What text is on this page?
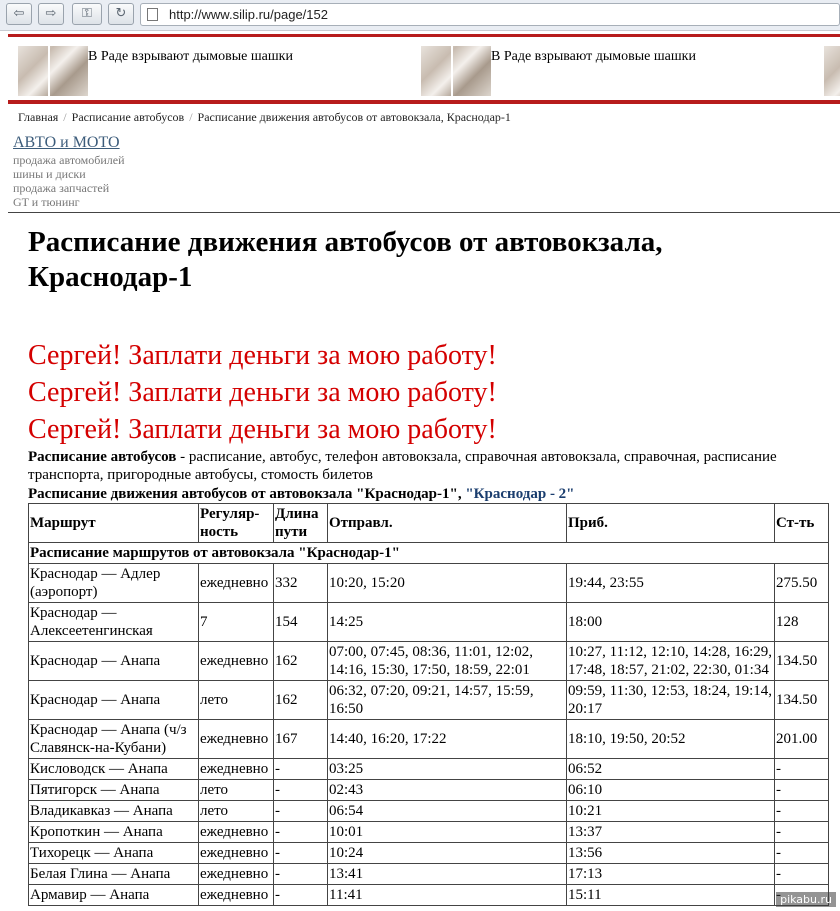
⇦	⇨	⚿	↻	http://www.silip.ru/page/152
В Раде взрывают дымовые шашки	В Раде взрывают дымовые шашки
Главная / Расписание автобусов / Расписание движения автобусов от автовокзала, Краснодар-1
АВТО и МОТО
продажа автомобилей
шины и диски
продажа запчастей
GT и тюнинг
Расписание движения автобусов от автовокзала, Краснодар-1
Сергей! Заплати деньги за мою работу!
Сергей! Заплати деньги за мою работу!
Сергей! Заплати деньги за мою работу!
Расписание автобусов - расписание, автобус, телефон автовокзала, справочная автовокзала, справочная, расписание транспорта, пригородные автобусы, стомость билетов
Расписание движения автобусов от автовокзала "Краснодар-1", "Краснодар - 2"
Маршрут	Регуляр-ность	Длина пути	Отправл.	Приб.	Ст-ть
Расписание маршрутов от автовокзала "Краснодар-1"					
Краснодар — Адлер (аэропорт)	ежедневно	332	10:20, 15:20	19:44, 23:55	275.50
Краснодар — Алексеетенгинская	7	154	14:25	18:00	128
Краснодар — Анапа	ежедневно	162	07:00, 07:45, 08:36, 11:01, 12:02, 14:16, 15:30, 17:50, 18:59, 22:01	10:27, 11:12, 12:10, 14:28, 16:29, 17:48, 18:57, 21:02, 22:30, 01:34	134.50
Краснодар — Анапа	лето	162	06:32, 07:20, 09:21, 14:57, 15:59, 16:50	09:59, 11:30, 12:53, 18:24, 19:14, 20:17	134.50
Краснодар — Анапа (ч/з Славянск-на-Кубани)	ежедневно	167	14:40, 16:20, 17:22	18:10, 19:50, 20:52	201.00
Кисловодск — Анапа	ежедневно	-	03:25	06:52	-
Пятигорск — Анапа	лето	-	02:43	06:10	-
Владикавказ — Анапа	лето	-	06:54	10:21	-
Кропоткин — Анапа	ежедневно	-	10:01	13:37	-
Тихорецк — Анапа	ежедневно	-	10:24	13:56	-
Белая Глина — Анапа	ежедневно	-	13:41	17:13	-
Армавир — Анапа	ежедневно	-	11:41	15:11		pikabu.ru
